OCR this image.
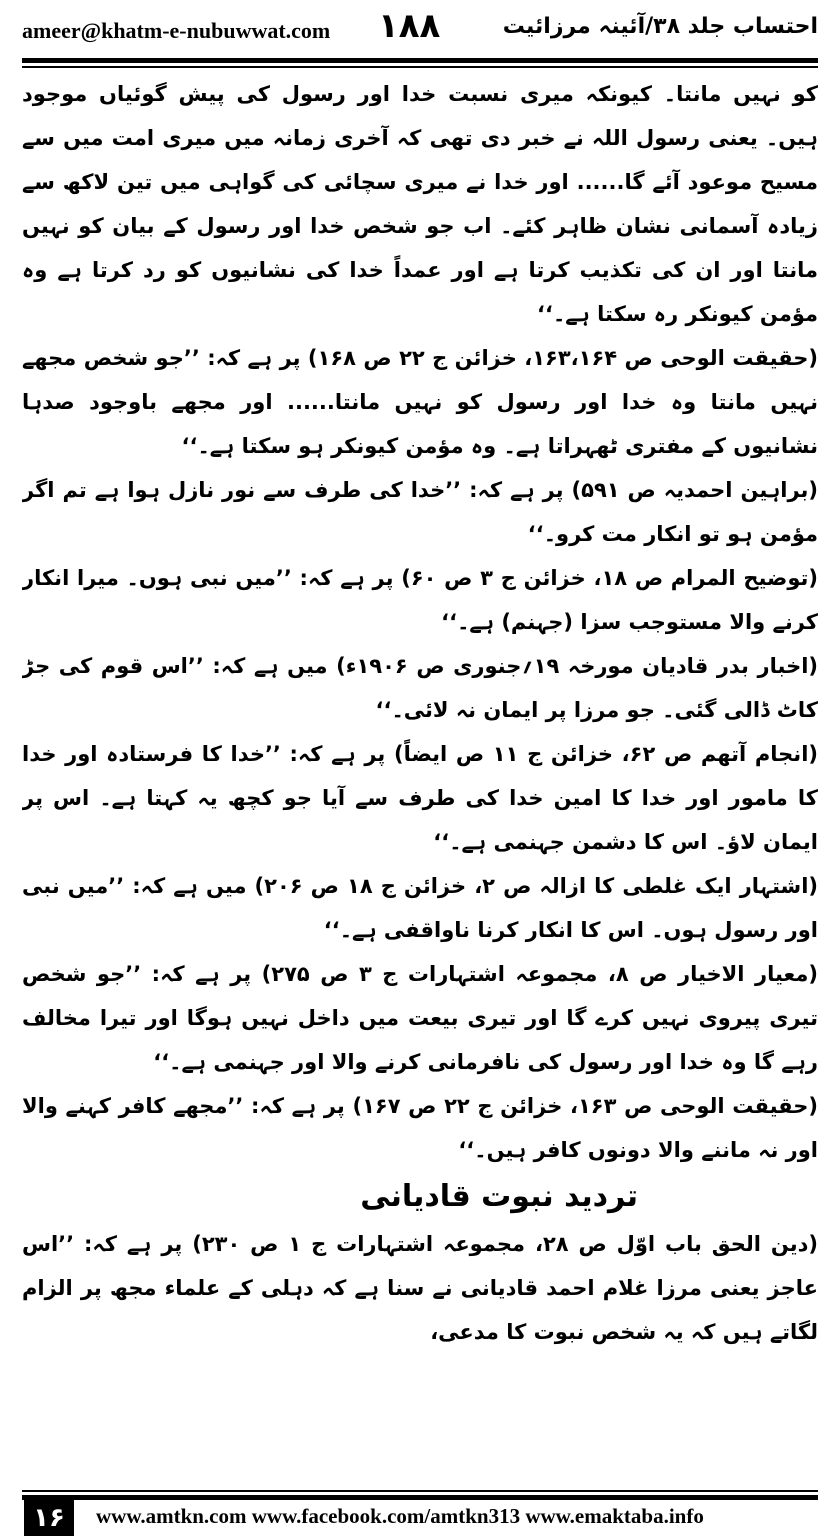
ameer@khatm-e-nubuwwat.com ۱۸۸	احتساب جلد ۳۸/آئینہ مرزائیت

کو نہیں مانتا۔ کیونکہ میری نسبت خدا اور رسول کی پیش گوئیاں موجود ہیں۔ یعنی رسول اللہ نے خبر دی تھی کہ آخری زمانہ میں میری امت میں سے مسیح موعود آئے گا...... اور خدا نے میری سچائی کی گواہی میں تین لاکھ سے زیادہ آسمانی نشان ظاہر کئے۔ اب جو شخص خدا اور رسول کے بیان کو نہیں مانتا اور ان کی تکذیب کرتا ہے اور عمداً خدا کی نشانیوں کو رد کرتا ہے وہ مؤمن کیونکر رہ سکتا ہے۔‘‘

(حقیقت الوحی ص ۱۶۳،۱۶۴، خزائن ج ۲۲ ص ۱۶۸) پر ہے کہ: ’’جو شخص مجھے نہیں مانتا وہ خدا اور رسول کو نہیں مانتا...... اور مجھے باوجود صدہا نشانیوں کے مفتری ٹھہراتا ہے۔ وہ مؤمن کیونکر ہو سکتا ہے۔‘‘

(براہین احمدیہ ص ۵۹۱) پر ہے کہ: ’’خدا کی طرف سے نور نازل ہوا ہے تم اگر مؤمن ہو تو انکار مت کرو۔‘‘

(توضیح المرام ص ۱۸، خزائن ج ۳ ص ۶۰) پر ہے کہ: ’’میں نبی ہوں۔ میرا انکار کرنے والا مستوجب سزا (جہنم) ہے۔‘‘

(اخبار بدر قادیان مورخہ ۱۹؍جنوری ص ۱۹۰۶ء) میں ہے کہ: ’’اس قوم کی جڑ کاٹ ڈالی گئی۔ جو مرزا پر ایمان نہ لائی۔‘‘

(انجام آتھم ص ۶۲، خزائن ج ۱۱ ص ایضاً) پر ہے کہ: ’’خدا کا فرستادہ اور خدا کا مامور اور خدا کا امین خدا کی طرف سے آیا جو کچھ یہ کہتا ہے۔ اس پر ایمان لاؤ۔ اس کا دشمن جہنمی ہے۔‘‘

(اشتہار ایک غلطی کا ازالہ ص ۲، خزائن ج ۱۸ ص ۲۰۶) میں ہے کہ: ’’میں نبی اور رسول ہوں۔ اس کا انکار کرنا ناواقفی ہے۔‘‘

(معیار الاخیار ص ۸، مجموعہ اشتہارات ج ۳ ص ۲۷۵) پر ہے کہ: ’’جو شخص تیری پیروی نہیں کرے گا اور تیری بیعت میں داخل نہیں ہوگا اور تیرا مخالف رہے گا وہ خدا اور رسول کی نافرمانی کرنے والا اور جہنمی ہے۔‘‘

(حقیقت الوحی ص ۱۶۳، خزائن ج ۲۲ ص ۱۶۷) پر ہے کہ: ’’مجھے کافر کہنے والا اور نہ ماننے والا دونوں کافر ہیں۔‘‘

تردید نبوت قادیانی

(دین الحق باب اوّل ص ۲۸، مجموعہ اشتہارات ج ۱ ص ۲۳۰) پر ہے کہ: ’’اس عاجز یعنی مرزا غلام احمد قادیانی نے سنا ہے کہ دہلی کے علماء مجھ پر الزام لگاتے ہیں کہ یہ شخص نبوت کا مدعی،

۱۶	www.amtkn.com www.facebook.com/amtkn313 www.emaktaba.info
